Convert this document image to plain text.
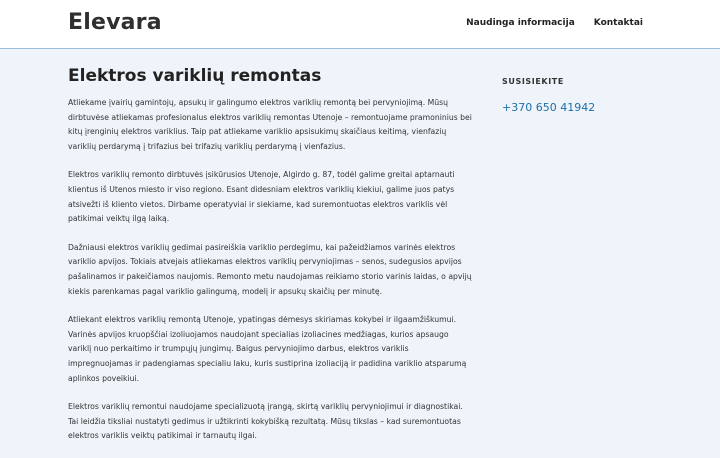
Elevara	Naudinga informacija Kontaktai
Elektros variklių remontas

Atliekame įvairių gamintojų, apsukų ir galingumo elektros variklių remontą bei pervyniojimą. Mūsų dirbtuvėse atliekamas profesionalus elektros variklių remontas Utenoje – remontuojame pramoninius bei kitų įrenginių elektros variklius. Taip pat atliekame variklio apsisukimų skaičiaus keitimą, vienfazių variklių perdarymą į trifazius bei trifazių variklių perdarymą į vienfazius.

Elektros variklių remonto dirbtuvės įsikūrusios Utenoje, Algirdo g. 87, todėl galime greitai aptarnauti klientus iš Utenos miesto ir viso regiono. Esant didesniam elektros variklių kiekiui, galime juos patys atsivežti iš kliento vietos. Dirbame operatyviai ir siekiame, kad suremontuotas elektros variklis vėl patikimai veiktų ilgą laiką.

Dažniausi elektros variklių gedimai pasireiškia variklio perdegimu, kai pažeidžiamos varinės elektros variklio apvijos. Tokiais atvejais atliekamas elektros variklių pervyniojimas – senos, sudegusios apvijos pašalinamos ir pakeičiamos naujomis. Remonto metu naudojamas reikiamo storio varinis laidas, o apvijų kiekis parenkamas pagal variklio galingumą, modelį ir apsukų skaičių per minutę.

Atliekant elektros variklių remontą Utenoje, ypatingas dėmesys skiriamas kokybei ir ilgaamžiškumui. Varinės apvijos kruopščiai izoliuojamos naudojant specialias izoliacines medžiagas, kurios apsaugo variklį nuo perkaitimo ir trumpųjų jungimų. Baigus pervyniojimo darbus, elektros variklis impregnuojamas ir padengiamas specialiu laku, kuris sustiprina izoliaciją ir padidina variklio atsparumą aplinkos poveikiui.

Elektros variklių remontui naudojame specializuotą įrangą, skirtą variklių pervyniojimui ir diagnostikai. Tai leidžia tiksliai nustatyti gedimus ir užtikrinti kokybišką rezultatą. Mūsų tikslas – kad suremontuotas elektros variklis veiktų patikimai ir tarnautų ilgai.

SUSISIEKITE
+370 650 41942
